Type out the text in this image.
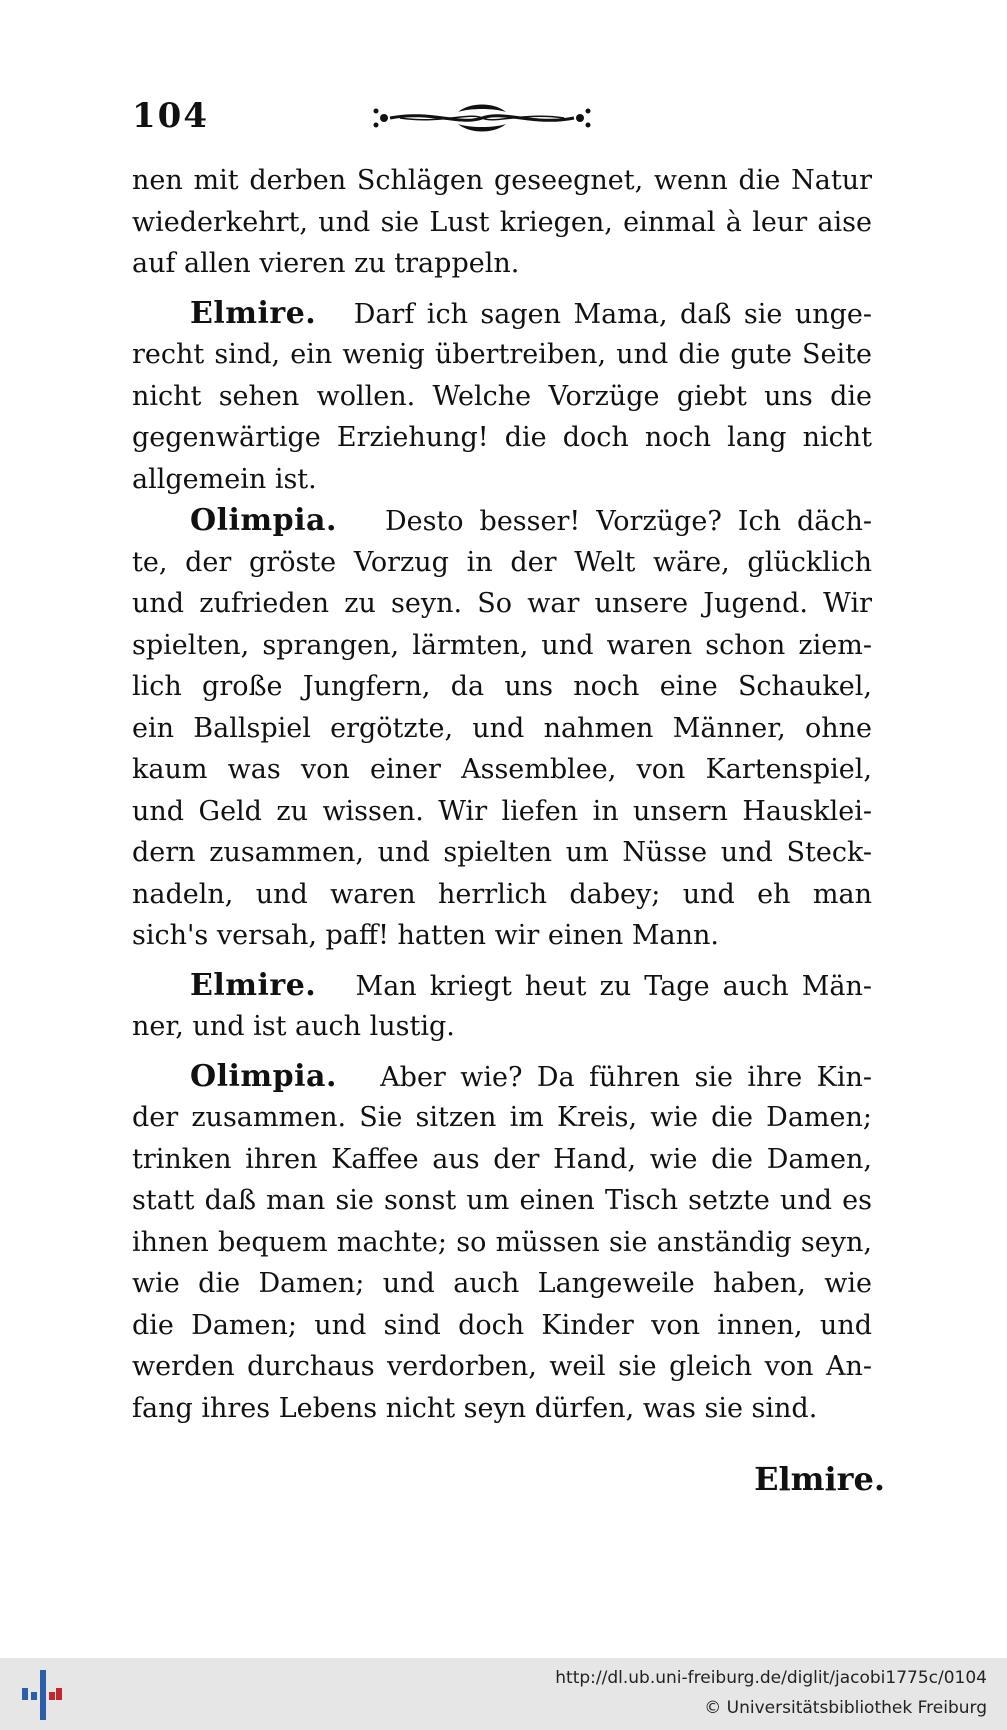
104
nen mit derben Schlägen geseegnet, wenn die Natur
wiederkehrt, und sie Lust kriegen, einmal à leur aise
auf allen vieren zu trappeln.
Elmire. Darf ich sagen Mama, daß sie unge-
recht sind, ein wenig übertreiben, und die gute Seite
nicht sehen wollen. Welche Vorzüge giebt uns die
gegenwärtige Erziehung! die doch noch lang nicht
allgemein ist.
Olimpia. Desto besser! Vorzüge? Ich däch-
te, der gröste Vorzug in der Welt wäre, glücklich
und zufrieden zu seyn. So war unsere Jugend. Wir
spielten, sprangen, lärmten, und waren schon ziem-
lich große Jungfern, da uns noch eine Schaukel,
ein Ballspiel ergötzte, und nahmen Männer, ohne
kaum was von einer Assemblee, von Kartenspiel,
und Geld zu wissen. Wir liefen in unsern Hausklei-
dern zusammen, und spielten um Nüsse und Steck-
nadeln, und waren herrlich dabey; und eh man
sich's versah, paff! hatten wir einen Mann.
Elmire. Man kriegt heut zu Tage auch Män-
ner, und ist auch lustig.
Olimpia. Aber wie? Da führen sie ihre Kin-
der zusammen. Sie sitzen im Kreis, wie die Damen;
trinken ihren Kaffee aus der Hand, wie die Damen,
statt daß man sie sonst um einen Tisch setzte und es
ihnen bequem machte; so müssen sie anständig seyn,
wie die Damen; und auch Langeweile haben, wie
die Damen; und sind doch Kinder von innen, und
werden durchaus verdorben, weil sie gleich von An-
fang ihres Lebens nicht seyn dürfen, was sie sind.
Elmire.
http://dl.ub.uni-freiburg.de/diglit/jacobi1775c/0104
© Universitätsbibliothek Freiburg
